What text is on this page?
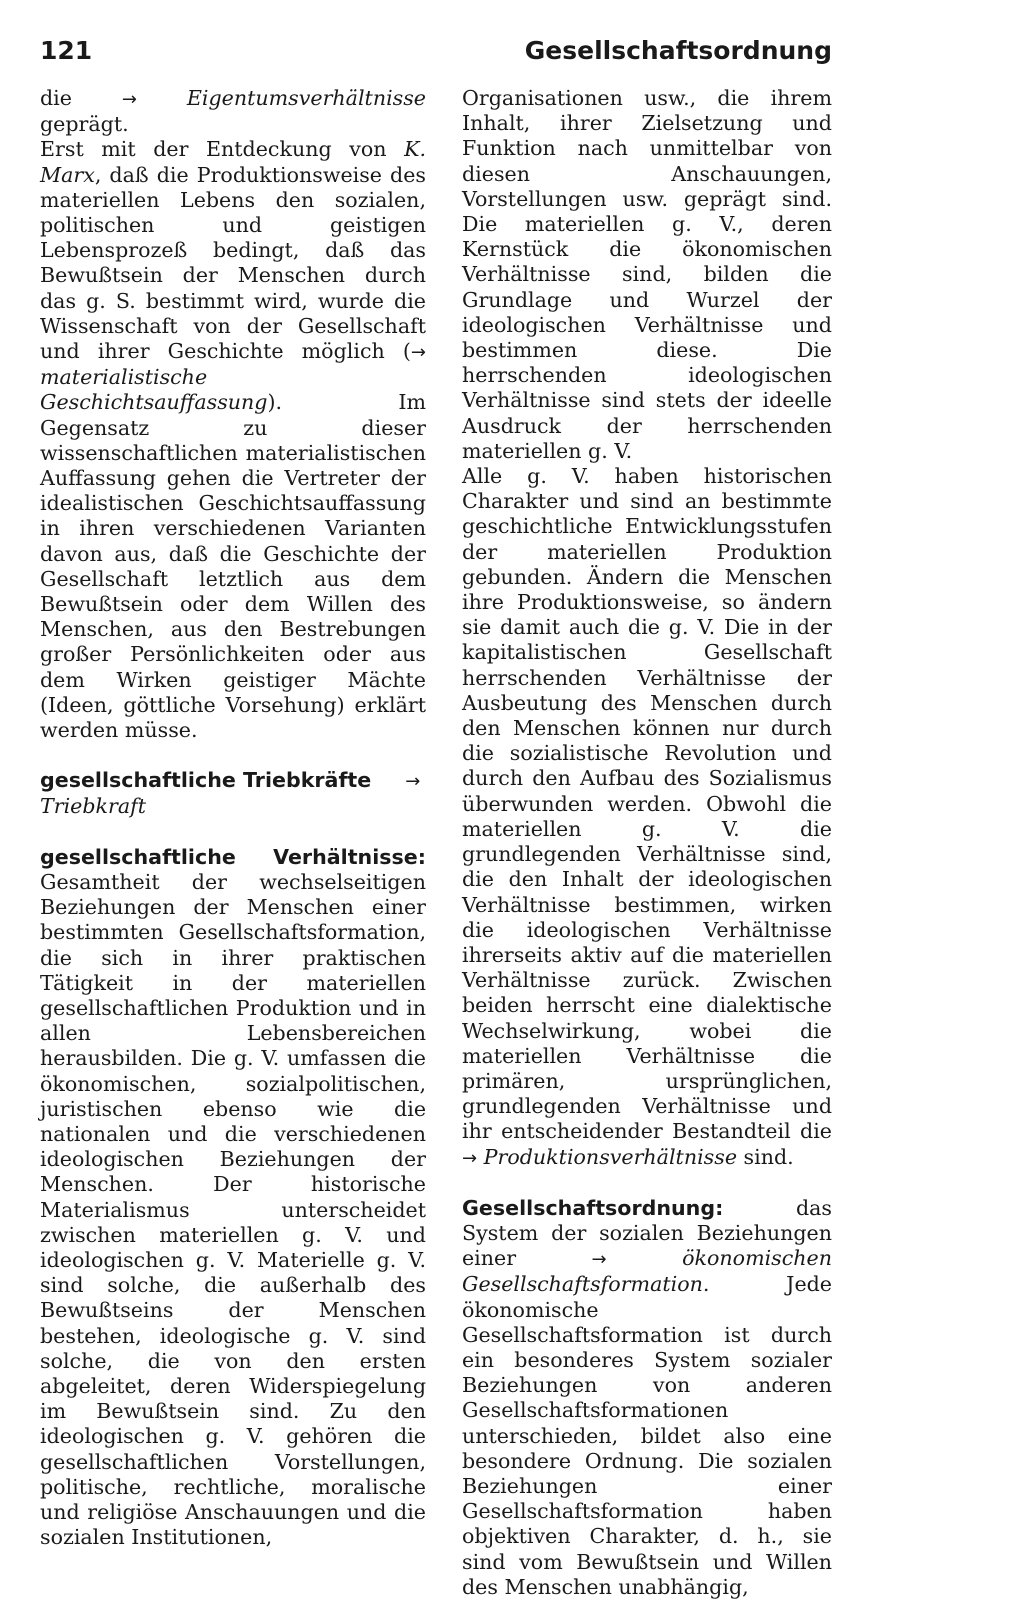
121	Gesellschaftsordnung

die → Eigentumsverhältnisse geprägt.

Erst mit der Entdeckung von K. Marx, daß die Produktionsweise des materiellen Lebens den sozialen, politischen und geistigen Lebensprozeß bedingt, daß das Bewußtsein der Menschen durch das g. S. bestimmt wird, wurde die Wissenschaft von der Gesellschaft und ihrer Geschichte möglich (→ materialistische Geschichtsauffassung). Im Gegensatz zu dieser wissenschaftlichen materialistischen Auffassung gehen die Vertreter der idealistischen Geschichtsauffassung in ihren verschiedenen Varianten davon aus, daß die Geschichte der Gesellschaft letztlich aus dem Bewußtsein oder dem Willen des Menschen, aus den Bestrebungen großer Persönlichkeiten oder aus dem Wirken geistiger Mächte (Ideen, göttliche Vorsehung) erklärt werden müsse.

gesellschaftliche Triebkräfte →
Triebkraft

gesellschaftliche Verhältnisse: Gesamtheit der wechselseitigen Beziehungen der Menschen einer bestimmten Gesellschaftsformation, die sich in ihrer praktischen Tätigkeit in der materiellen gesellschaftlichen Produktion und in allen Lebensbereichen herausbilden. Die g. V. umfassen die ökonomischen, sozialpolitischen, juristischen ebenso wie die nationalen und die verschiedenen ideologischen Beziehungen der Menschen. Der historische Materialismus unterscheidet zwischen materiellen g. V. und ideologischen g. V. Materielle g. V. sind solche, die außerhalb des Bewußtseins der Menschen bestehen, ideologische g. V. sind solche, die von den ersten abgeleitet, deren Widerspiegelung im Bewußtsein sind. Zu den ideologischen g. V. gehören die gesellschaftlichen Vorstellungen, politische, rechtliche, moralische und religiöse Anschauungen und die sozialen Institutionen,

Organisationen usw., die ihrem Inhalt, ihrer Zielsetzung und Funktion nach unmittelbar von diesen Anschauungen, Vorstellungen usw. geprägt sind. Die materiellen g. V., deren Kernstück die ökonomischen Verhältnisse sind, bilden die Grundlage und Wurzel der ideologischen Verhältnisse und bestimmen diese. Die herrschenden ideologischen Verhältnisse sind stets der ideelle Ausdruck der herrschenden materiellen g. V.

Alle g. V. haben historischen Charakter und sind an bestimmte geschichtliche Entwicklungsstufen der materiellen Produktion gebunden. Ändern die Menschen ihre Produktionsweise, so ändern sie damit auch die g. V. Die in der kapitalistischen Gesellschaft herrschenden Verhältnisse der Ausbeutung des Menschen durch den Menschen können nur durch die sozialistische Revolution und durch den Aufbau des Sozialismus überwunden werden. Obwohl die materiellen g. V. die grundlegenden Verhältnisse sind, die den Inhalt der ideologischen Verhältnisse bestimmen, wirken die ideologischen Verhältnisse ihrerseits aktiv auf die materiellen Verhältnisse zurück. Zwischen beiden herrscht eine dialektische Wechselwirkung, wobei die materiellen Verhältnisse die primären, ursprünglichen, grundlegenden Verhältnisse und ihr entscheidender Bestandteil die → Produktionsverhältnisse sind.

Gesellschaftsordnung: das System der sozialen Beziehungen einer →	ökonomischen Gesellschaftsformation. Jede ökonomische Gesellschaftsformation ist durch ein besonderes System sozialer Beziehungen von anderen Gesellschaftsformationen unterschieden, bildet also eine besondere Ordnung. Die sozialen Beziehungen einer Gesellschaftsformation haben objektiven Charakter, d. h., sie sind vom Bewußtsein und Willen des Menschen unabhängig,
